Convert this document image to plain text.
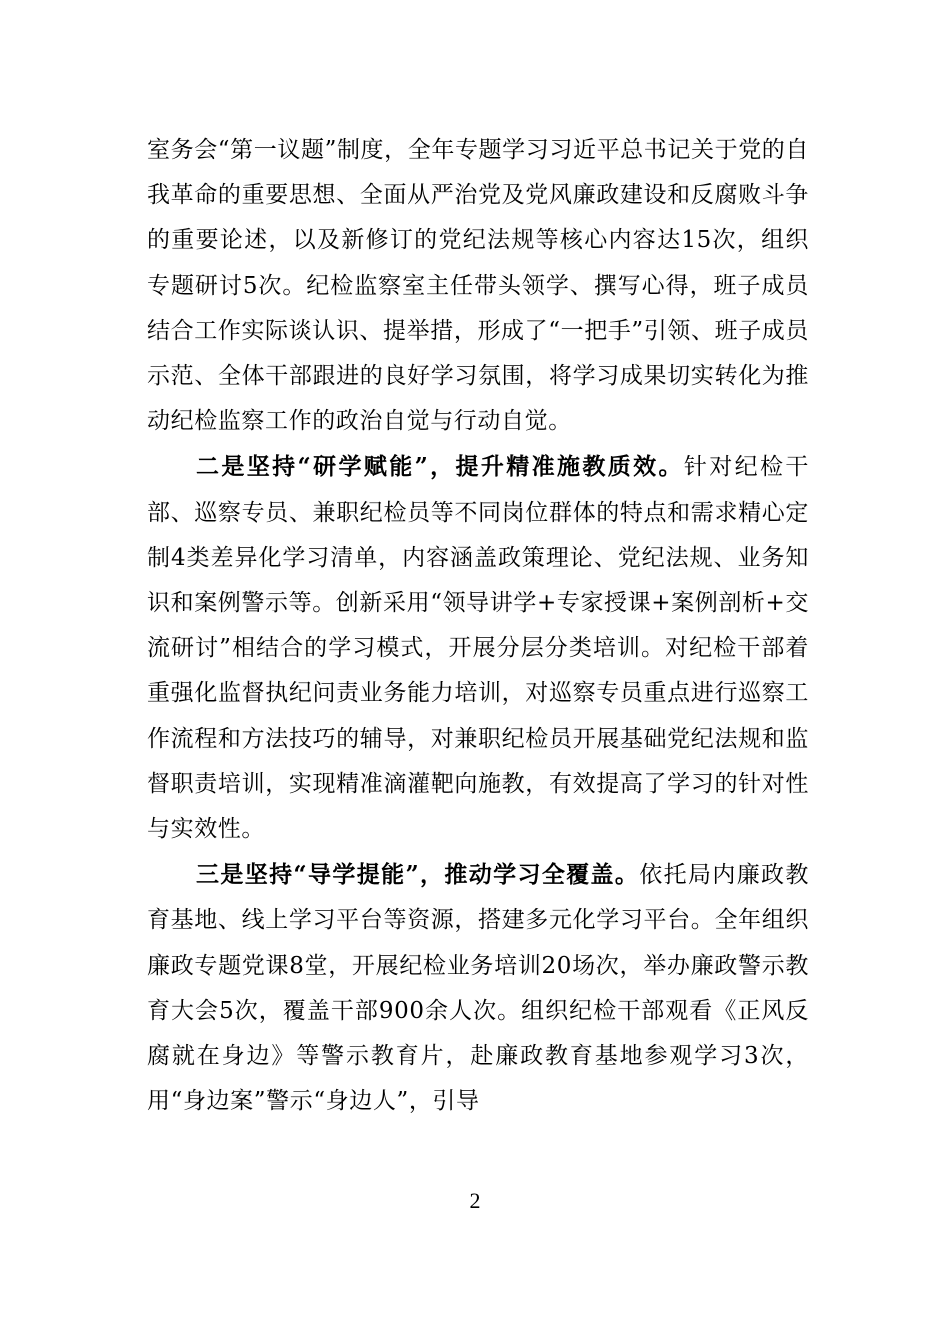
室务会“第一议题”制度，全年专题学习习近平总书记关于党的自我革命的重要思想、全面从严治党及党风廉政建设和反腐败斗争的重要论述，以及新修订的党纪法规等核心内容达15次，组织专题研讨5次。纪检监察室主任带头领学、撰写心得，班子成员结合工作实际谈认识、提举措，形成了“一把手”引领、班子成员示范、全体干部跟进的良好学习氛围，将学习成果切实转化为推动纪检监察工作的政治自觉与行动自觉。

二是坚持“研学赋能”，提升精准施教质效。针对纪检干部、巡察专员、兼职纪检员等不同岗位群体的特点和需求精心定制4类差异化学习清单，内容涵盖政策理论、党纪法规、业务知识和案例警示等。创新采用“领导讲学+专家授课+案例剖析+交流研讨”相结合的学习模式，开展分层分类培训。对纪检干部着重强化监督执纪问责业务能力培训，对巡察专员重点进行巡察工作流程和方法技巧的辅导，对兼职纪检员开展基础党纪法规和监督职责培训，实现精准滴灌靶向施教，有效提高了学习的针对性与实效性。

三是坚持“导学提能”，推动学习全覆盖。依托局内廉政教育基地、线上学习平台等资源，搭建多元化学习平台。全年组织廉政专题党课8堂，开展纪检业务培训20场次，举办廉政警示教育大会5次，覆盖干部900余人次。组织纪检干部观看《正风反腐就在身边》等警示教育片，赴廉政教育基地参观学习3次，用“身边案”警示“身边人”，引导

2
